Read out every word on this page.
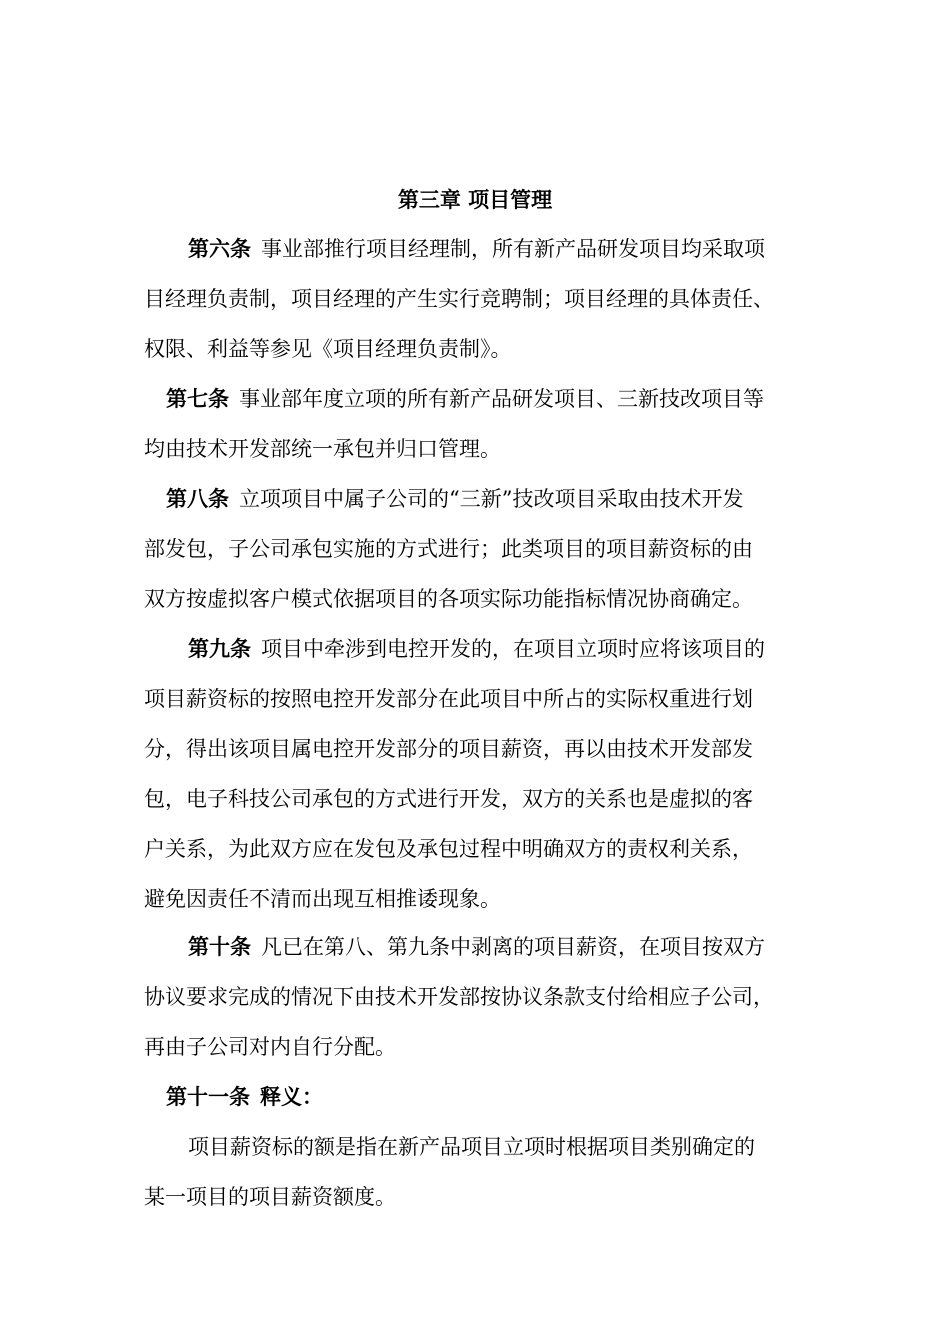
第三章 项目管理
第六条 事业部推行项目经理制，所有新产品研发项目均采取项
目经理负责制，项目经理的产生实行竞聘制；项目经理的具体责任、
权限、利益等参见《项目经理负责制》。
第七条 事业部年度立项的所有新产品研发项目、三新技改项目等
均由技术开发部统一承包并归口管理。
第八条 立项项目中属子公司的“三新”技改项目采取由技术开发
部发包，子公司承包实施的方式进行；此类项目的项目薪资标的由
双方按虚拟客户模式依据项目的各项实际功能指标情况协商确定。
第九条 项目中牵涉到电控开发的，在项目立项时应将该项目的
项目薪资标的按照电控开发部分在此项目中所占的实际权重进行划
分，得出该项目属电控开发部分的项目薪资，再以由技术开发部发
包，电子科技公司承包的方式进行开发，双方的关系也是虚拟的客
户关系，为此双方应在发包及承包过程中明确双方的责权利关系，
避免因责任不清而出现互相推诿现象。
第十条 凡已在第八、第九条中剥离的项目薪资，在项目按双方
协议要求完成的情况下由技术开发部按协议条款支付给相应子公司，
再由子公司对内自行分配。
第十一条 释义：
项目薪资标的额是指在新产品项目立项时根据项目类别确定的
某一项目的项目薪资额度。
